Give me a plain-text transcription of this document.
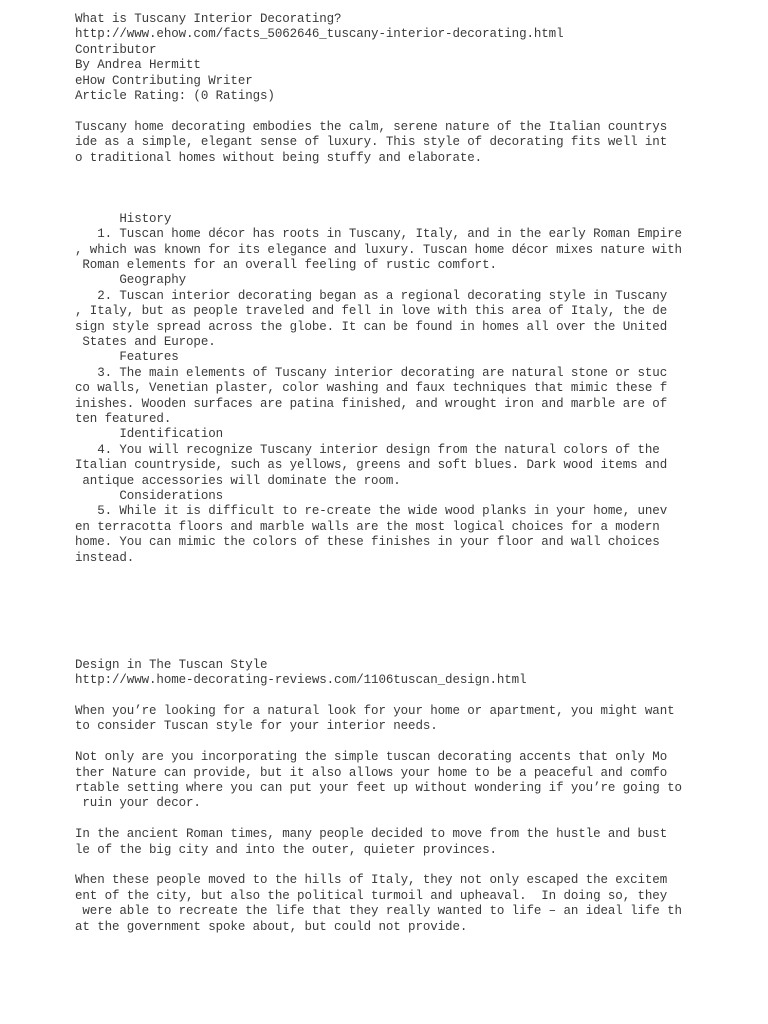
What is Tuscany Interior Decorating?
http://www.ehow.com/facts_5062646_tuscany-interior-decorating.html
Contributor
By Andrea Hermitt
eHow Contributing Writer
Article Rating: (0 Ratings)
Tuscany home decorating embodies the calm, serene nature of the Italian countrys
ide as a simple, elegant sense of luxury. This style of decorating fits well int
o traditional homes without being stuffy and elaborate.
History
1. Tuscan home décor has roots in Tuscany, Italy, and in the early Roman Empire
, which was known for its elegance and luxury. Tuscan home décor mixes nature with
Roman elements for an overall feeling of rustic comfort.
Geography
2. Tuscan interior decorating began as a regional decorating style in Tuscany
, Italy, but as people traveled and fell in love with this area of Italy, the de
sign style spread across the globe. It can be found in homes all over the United
States and Europe.
Features
3. The main elements of Tuscany interior decorating are natural stone or stuc
co walls, Venetian plaster, color washing and faux techniques that mimic these f
inishes. Wooden surfaces are patina finished, and wrought iron and marble are of
ten featured.
Identification
4. You will recognize Tuscany interior design from the natural colors of the
Italian countryside, such as yellows, greens and soft blues. Dark wood items and
antique accessories will dominate the room.
Considerations
5. While it is difficult to re-create the wide wood planks in your home, unev
en terracotta floors and marble walls are the most logical choices for a modern
home. You can mimic the colors of these finishes in your floor and wall choices
instead.
Design in The Tuscan Style
http://www.home-decorating-reviews.com/1106tuscan_design.html
When you’re looking for a natural look for your home or apartment, you might want
to consider Tuscan style for your interior needs.
Not only are you incorporating the simple tuscan decorating accents that only Mo
ther Nature can provide, but it also allows your home to be a peaceful and comfo
rtable setting where you can put your feet up without wondering if you’re going to
ruin your decor.
In the ancient Roman times, many people decided to move from the hustle and bust
le of the big city and into the outer, quieter provinces.
When these people moved to the hills of Italy, they not only escaped the excitem
ent of the city, but also the political turmoil and upheaval.  In doing so, they
were able to recreate the life that they really wanted to life – an ideal life th
at the government spoke about, but could not provide.
